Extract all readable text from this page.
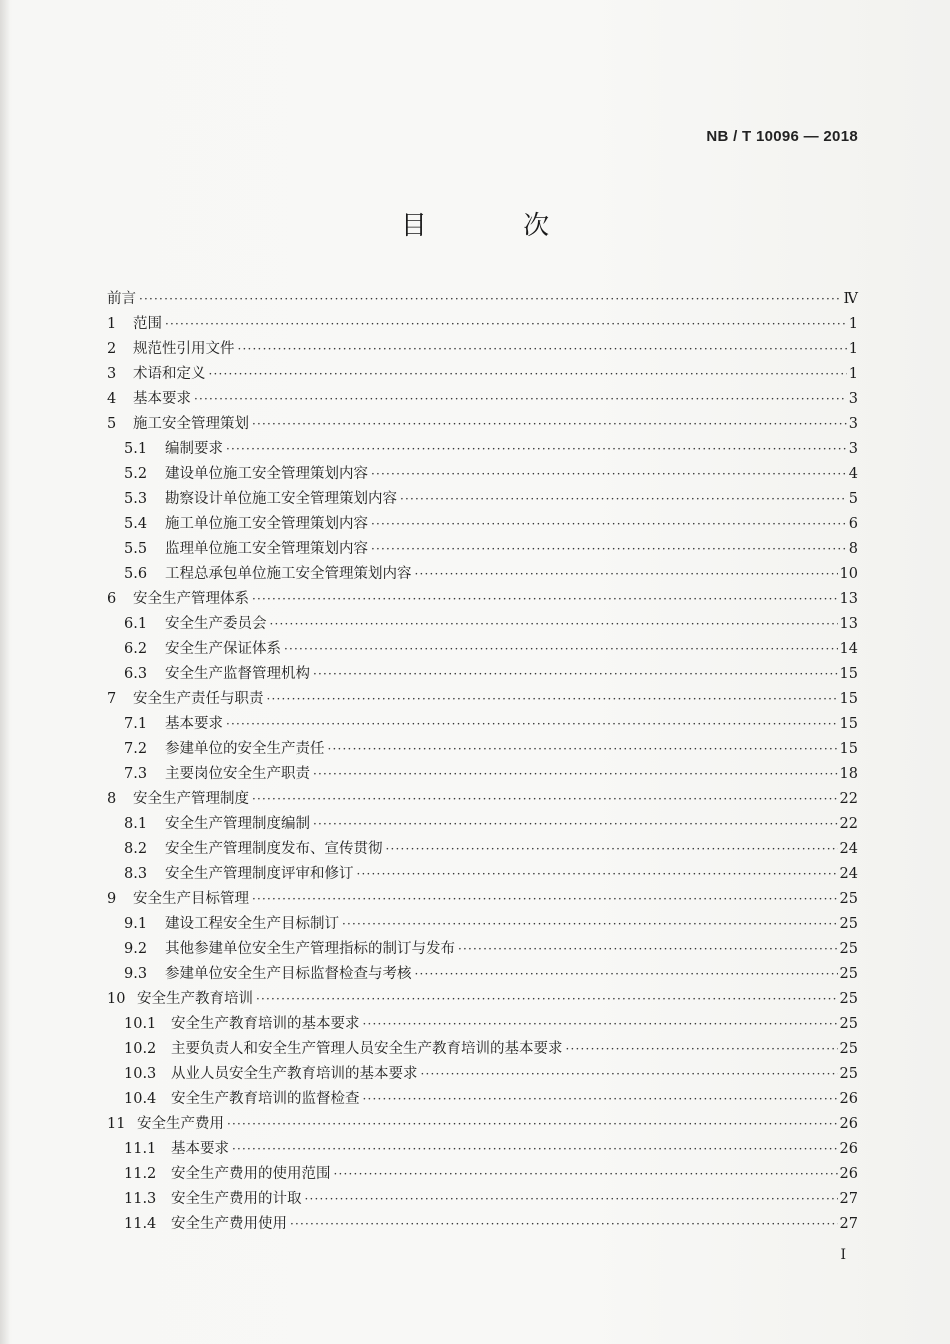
NB / T 10096 — 2018
目 次
前言 ·····	Ⅳ
1	范围 ·····	1
2	规范性引用文件 ·····	1
3	术语和定义 ·····	1
4	基本要求 ·····	3
5	施工安全管理策划 ·····	3
5.1	编制要求 ·····	3
5.2	建设单位施工安全管理策划内容 ·····	4
5.3	勘察设计单位施工安全管理策划内容 ·····	5
5.4	施工单位施工安全管理策划内容 ·····	6
5.5	监理单位施工安全管理策划内容 ·····	8
5.6	工程总承包单位施工安全管理策划内容 ·····	10
6	安全生产管理体系 ·····	13
6.1	安全生产委员会 ·····	13
6.2	安全生产保证体系 ·····	14
6.3	安全生产监督管理机构 ·····	15
7	安全生产责任与职责 ·····	15
7.1	基本要求 ·····	15
7.2	参建单位的安全生产责任 ·····	15
7.3	主要岗位安全生产职责 ·····	18
8	安全生产管理制度 ·····	22
8.1	安全生产管理制度编制 ·····	22
8.2	安全生产管理制度发布、宣传贯彻 ·····	24
8.3	安全生产管理制度评审和修订 ·····	24
9	安全生产目标管理 ·····	25
9.1	建设工程安全生产目标制订 ·····	25
9.2	其他参建单位安全生产管理指标的制订与发布 ·····	25
9.3	参建单位安全生产目标监督检查与考核 ·····	25
10 安全生产教育培训 ·····	25
10.1	安全生产教育培训的基本要求 ·····	25
10.2	主要负责人和安全生产管理人员安全生产教育培训的基本要求 ·····	25
10.3	从业人员安全生产教育培训的基本要求 ·····	25
10.4	安全生产教育培训的监督检查 ·····	26
11 安全生产费用 ·····	26
11.1	基本要求 ·····	26
11.2	安全生产费用的使用范围 ·····	26
11.3	安全生产费用的计取 ·····	27
11.4	安全生产费用使用 ·····	27
I
